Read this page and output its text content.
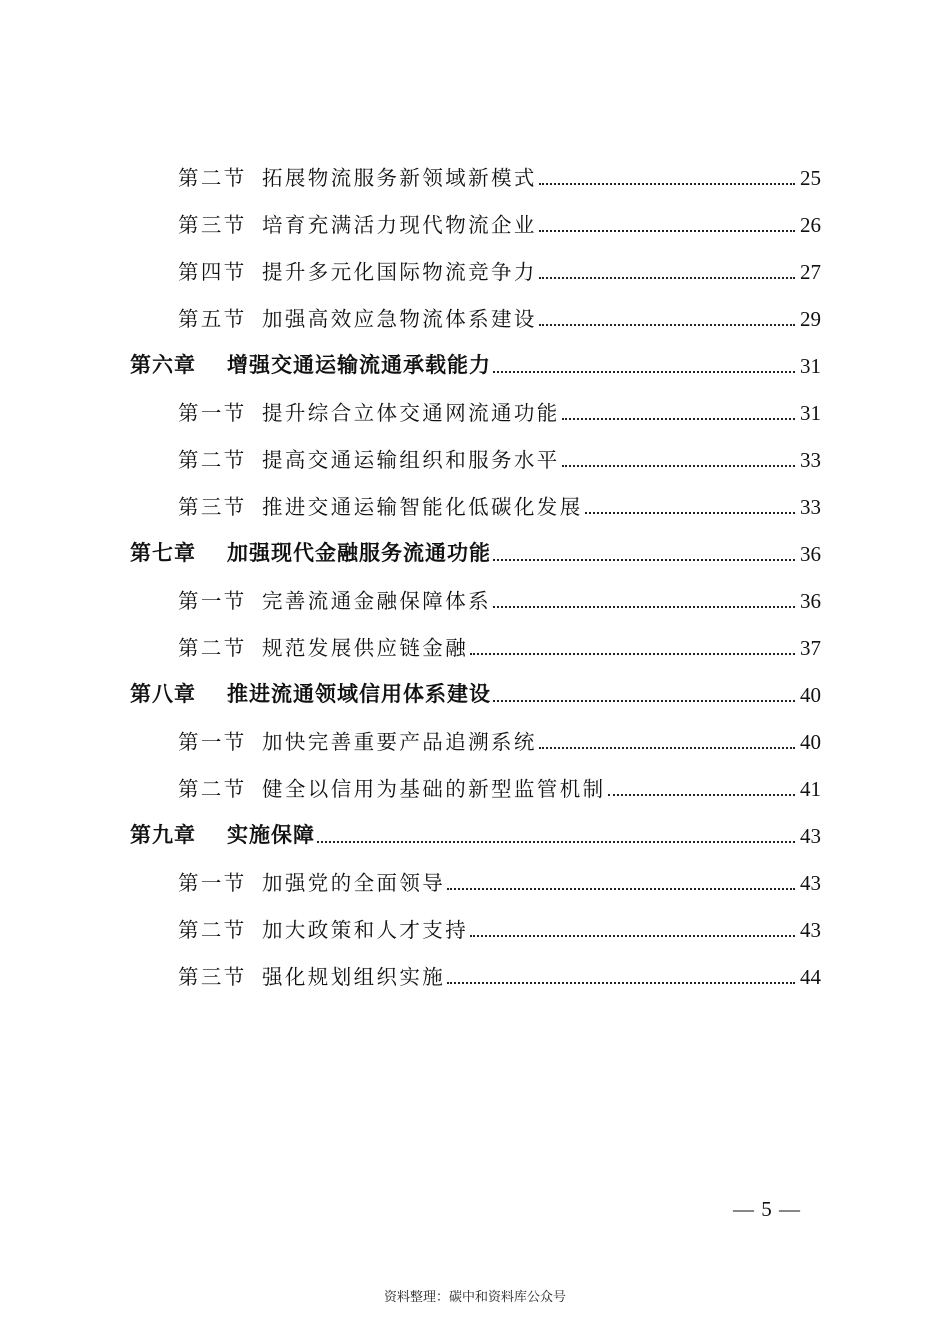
第二节 拓展物流服务新领域新模式	25
第三节 培育充满活力现代物流企业	26
第四节 提升多元化国际物流竞争力	27
第五节 加强高效应急物流体系建设	29
第六章	增强交通运输流通承载能力	31
第一节 提升综合立体交通网流通功能	31
第二节 提高交通运输组织和服务水平	33
第三节 推进交通运输智能化低碳化发展	33
第七章	加强现代金融服务流通功能	36
第一节 完善流通金融保障体系	36
第二节 规范发展供应链金融	37
第八章	推进流通领域信用体系建设	40
第一节 加快完善重要产品追溯系统	40
第二节 健全以信用为基础的新型监管机制	41
第九章	实施保障	43
第一节 加强党的全面领导	43
第二节 加大政策和人才支持	43
第三节 强化规划组织实施	44
— 5 —
资料整理：碳中和资料库公众号
